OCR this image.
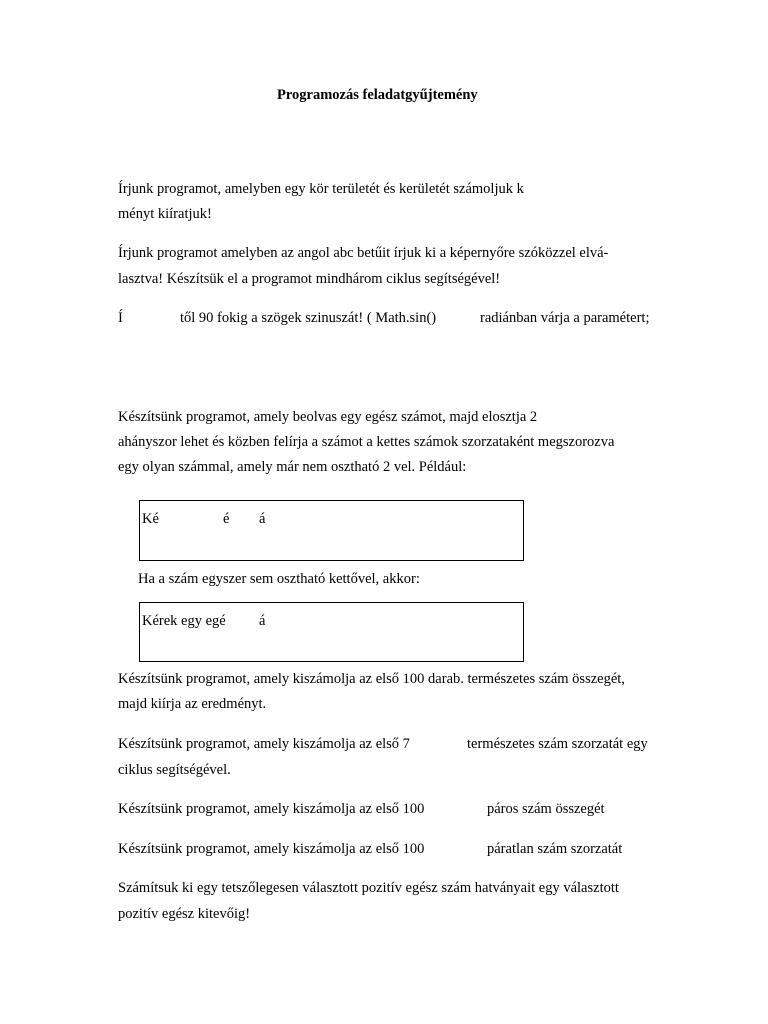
Programozás feladatgyűjtemény
Írjunk programot, amelyben egy kör területét és kerületét számoljuk k
ményt kiíratjuk!
Írjunk programot amelyben az angol abc betűit írjuk ki a képernyőre szóközzel elvá-
lasztva! Készítsük el a programot mindhárom ciklus segítségével!
Í	től 90 fokig a szögek szinuszát! ( Math.sin()	radiánban várja a paramétert;
Készítsünk programot, amely beolvas egy egész számot, majd elosztja 2
ahányszor lehet és közben felírja a számot a kettes számok szorzataként megszorozva
egy olyan számmal, amely már nem osztható 2 vel. Például:
Ké	é á
Ha a szám egyszer sem osztható kettővel, akkor:
Kérek egy egé á
Készítsünk programot, amely kiszámolja az első 100 darab. természetes szám összegét,
majd kiírja az eredményt.
Készítsünk programot, amely kiszámolja az első 7	természetes szám szorzatát egy
ciklus segítségével.
Készítsünk programot, amely kiszámolja az első 100	páros szám összegét
Készítsünk programot, amely kiszámolja az első 100	páratlan szám szorzatát
Számítsuk ki egy tetszőlegesen választott pozitív egész szám hatványait egy választott
pozitív egész kitevőig!
